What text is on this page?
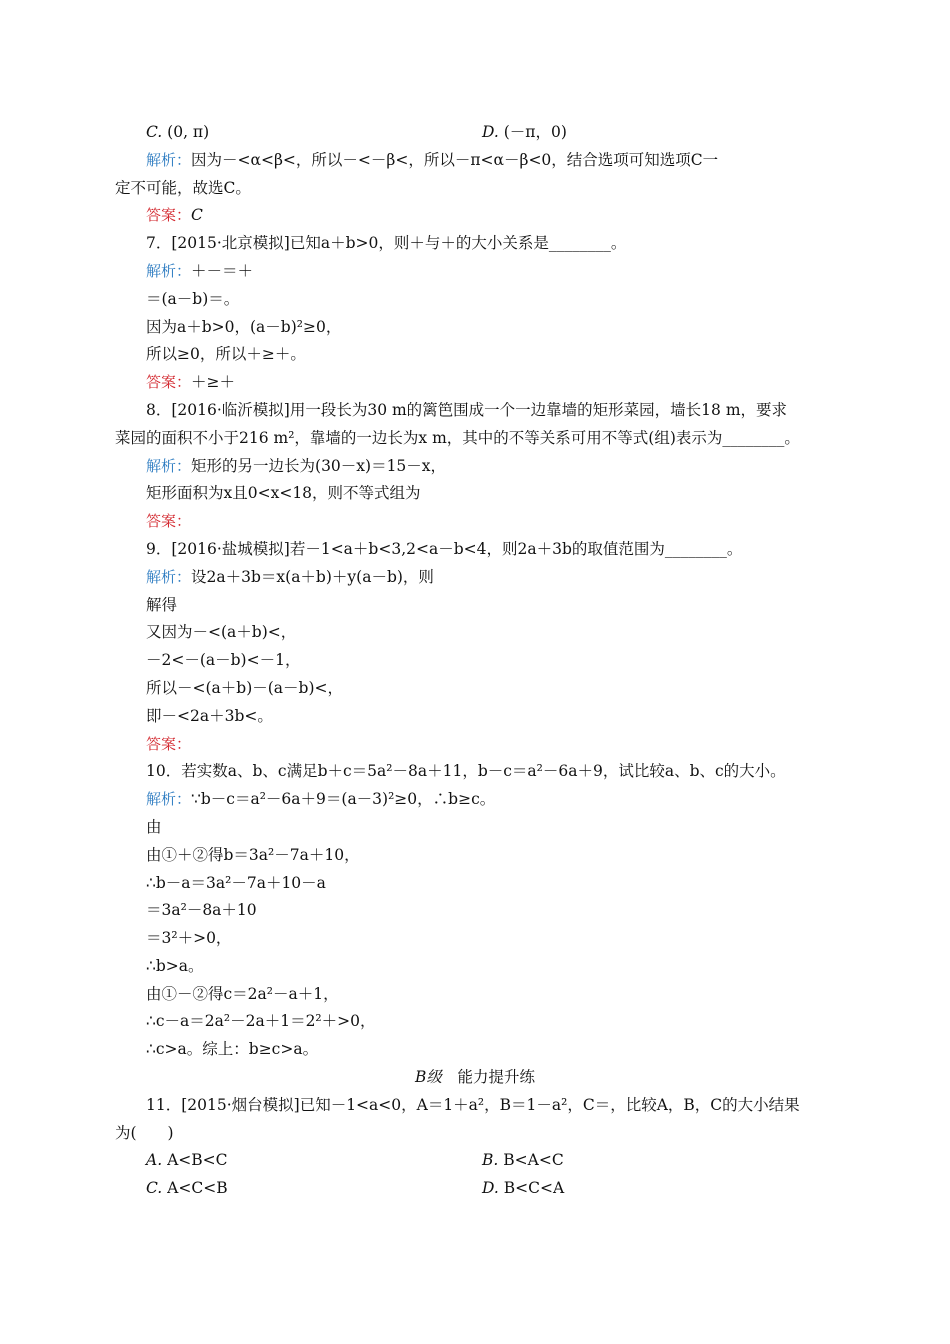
C. (0, π)	D. (－π，0)
解析：因为－<α<β<，所以－<－β<，所以－π<α－β<0，结合选项可知选项C一
定不可能，故选C。
答案：C
7．[2015·北京模拟]已知a＋b>0，则＋与＋的大小关系是________。
解析：＋－＝＋
＝(a－b)＝。
因为a＋b>0，(a－b)²≥0，
所以≥0，所以＋≥＋。
答案：＋≥＋
8．[2016·临沂模拟]用一段长为30 m的篱笆围成一个一边靠墙的矩形菜园，墙长18 m，要求
菜园的面积不小于216 m²，靠墙的一边长为x m，其中的不等关系可用不等式(组)表示为________。
解析：矩形的另一边长为(30－x)＝15－x，
矩形面积为x且0<x<18，则不等式组为
答案：
9．[2016·盐城模拟]若－1<a＋b<3,2<a－b<4，则2a＋3b的取值范围为________。
解析：设2a＋3b＝x(a＋b)＋y(a－b)，则
解得
又因为－<(a＋b)<，
－2<－(a－b)<－1，
所以－<(a＋b)－(a－b)<，
即－<2a＋3b<。
答案：
10．若实数a、b、c满足b＋c＝5a²－8a＋11，b－c＝a²－6a＋9，试比较a、b、c的大小。
解析：∵b－c＝a²－6a＋9＝(a－3)²≥0，∴b≥c。
由
由①＋②得b＝3a²－7a＋10，
∴b－a＝3a²－7a＋10－a
＝3a²－8a＋10
＝3²＋>0，
∴b>a。
由①－②得c＝2a²－a＋1，
∴c－a＝2a²－2a＋1＝2²＋>0，
∴c>a。综上：b≥c>a。
B级  能力提升练
11．[2015·烟台模拟]已知－1<a<0，A＝1＋a²，B＝1－a²，C＝，比较A，B，C的大小结果
为(　　)
A. A<B<C	B. B<A<C
C. A<C<B	D. B<C<A
